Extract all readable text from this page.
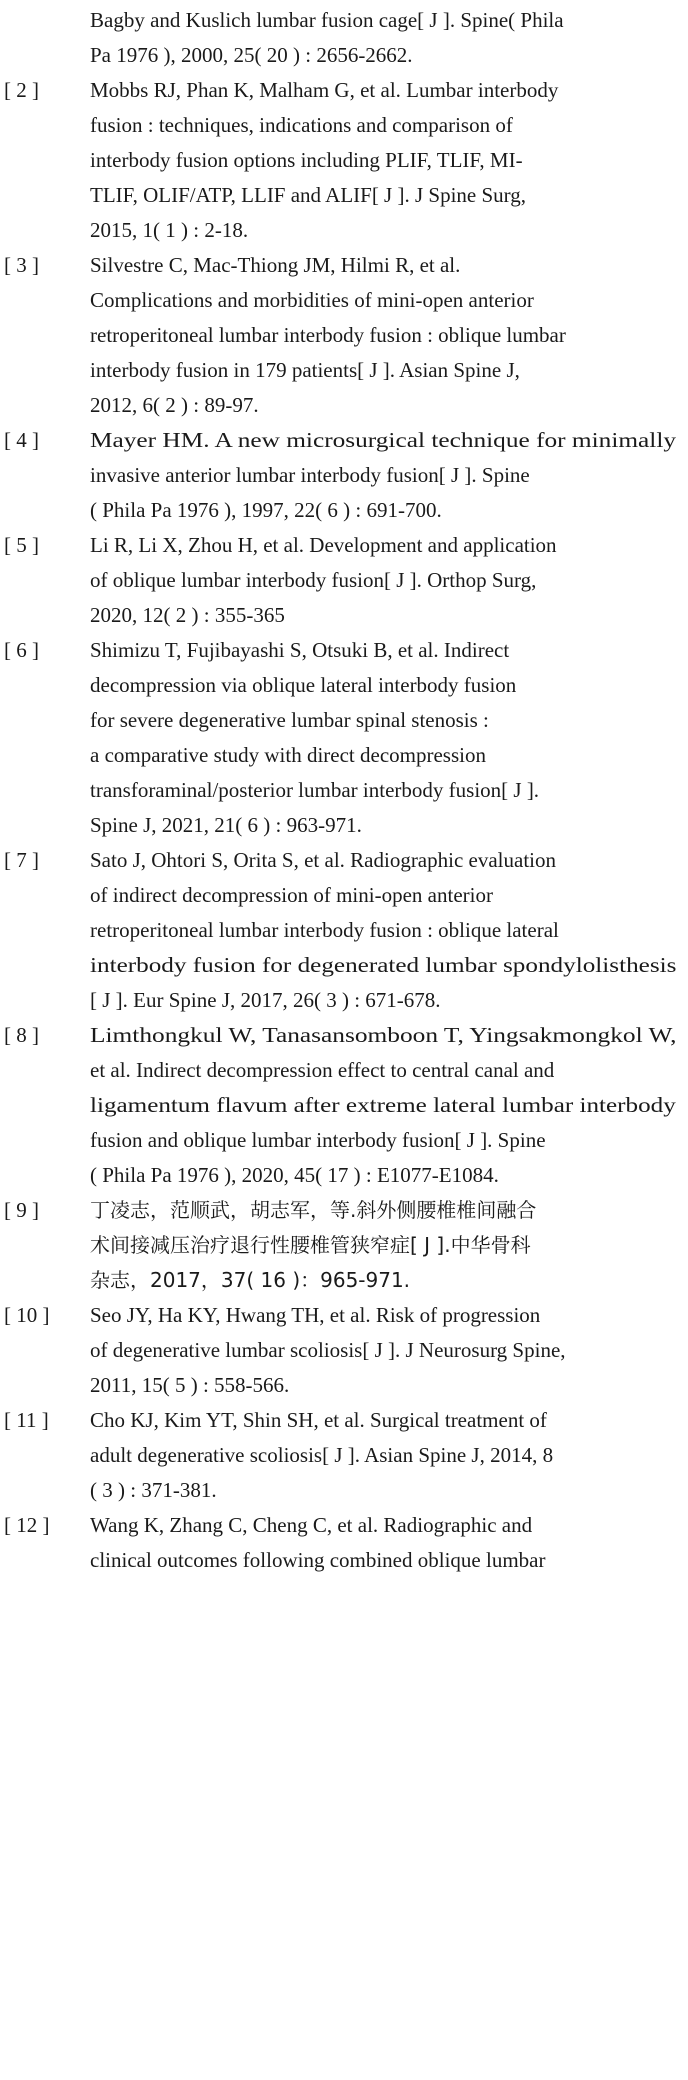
Bagby and Kuslich lumbar fusion cage[ J ]. Spine( Phila
Pa 1976 ), 2000, 25( 20 ) : 2656-2662.
[ 2 ] Mobbs RJ, Phan K, Malham G, et al. Lumbar interbody
fusion : techniques, indications and comparison of
interbody fusion options including PLIF, TLIF, MI-
TLIF, OLIF/ATP, LLIF and ALIF[ J ]. J Spine Surg,
2015, 1( 1 ) : 2-18.
[ 3 ] Silvestre C, Mac-Thiong JM, Hilmi R, et al.
Complications and morbidities of mini-open anterior
retroperitoneal lumbar interbody fusion : oblique lumbar
interbody fusion in 179 patients[ J ]. Asian Spine J,
2012, 6( 2 ) : 89-97.
[ 4 ] Mayer HM. A new microsurgical technique for minimally
invasive anterior lumbar interbody fusion[ J ]. Spine
( Phila Pa 1976 ), 1997, 22( 6 ) : 691-700.
[ 5 ] Li R, Li X, Zhou H, et al. Development and application
of oblique lumbar interbody fusion[ J ]. Orthop Surg,
2020, 12( 2 ) : 355-365
[ 6 ] Shimizu T, Fujibayashi S, Otsuki B, et al. Indirect
decompression via oblique lateral interbody fusion
for severe degenerative lumbar spinal stenosis :
a comparative study with direct decompression
transforaminal/posterior lumbar interbody fusion[ J ].
Spine J, 2021, 21( 6 ) : 963-971.
[ 7 ] Sato J, Ohtori S, Orita S, et al. Radiographic evaluation
of indirect decompression of mini-open anterior
retroperitoneal lumbar interbody fusion : oblique lateral
interbody fusion for degenerated lumbar spondylolisthesis
[ J ]. Eur Spine J, 2017, 26( 3 ) : 671-678.
[ 8 ] Limthongkul W, Tanasansomboon T, Yingsakmongkol W,
et al. Indirect decompression effect to central canal and
ligamentum flavum after extreme lateral lumbar interbody
fusion and oblique lumbar interbody fusion[ J ]. Spine
( Phila Pa 1976 ), 2020, 45( 17 ) : E1077-E1084.
[ 9 ]	丁凌志，范顺武，胡志军，等.斜外侧腰椎椎间融合
术间接减压治疗退行性腰椎管狭窄症[ J ].中华骨科
杂志，2017，37( 16 )：965-971.
[ 10 ] Seo JY, Ha KY, Hwang TH, et al. Risk of progression
of degenerative lumbar scoliosis[ J ]. J Neurosurg Spine,
2011, 15( 5 ) : 558-566.
[ 11 ] Cho KJ, Kim YT, Shin SH, et al. Surgical treatment of
adult degenerative scoliosis[ J ]. Asian Spine J, 2014, 8
( 3 ) : 371-381.
[ 12 ] Wang K, Zhang C, Cheng C, et al. Radiographic and
clinical outcomes following combined oblique lumbar
